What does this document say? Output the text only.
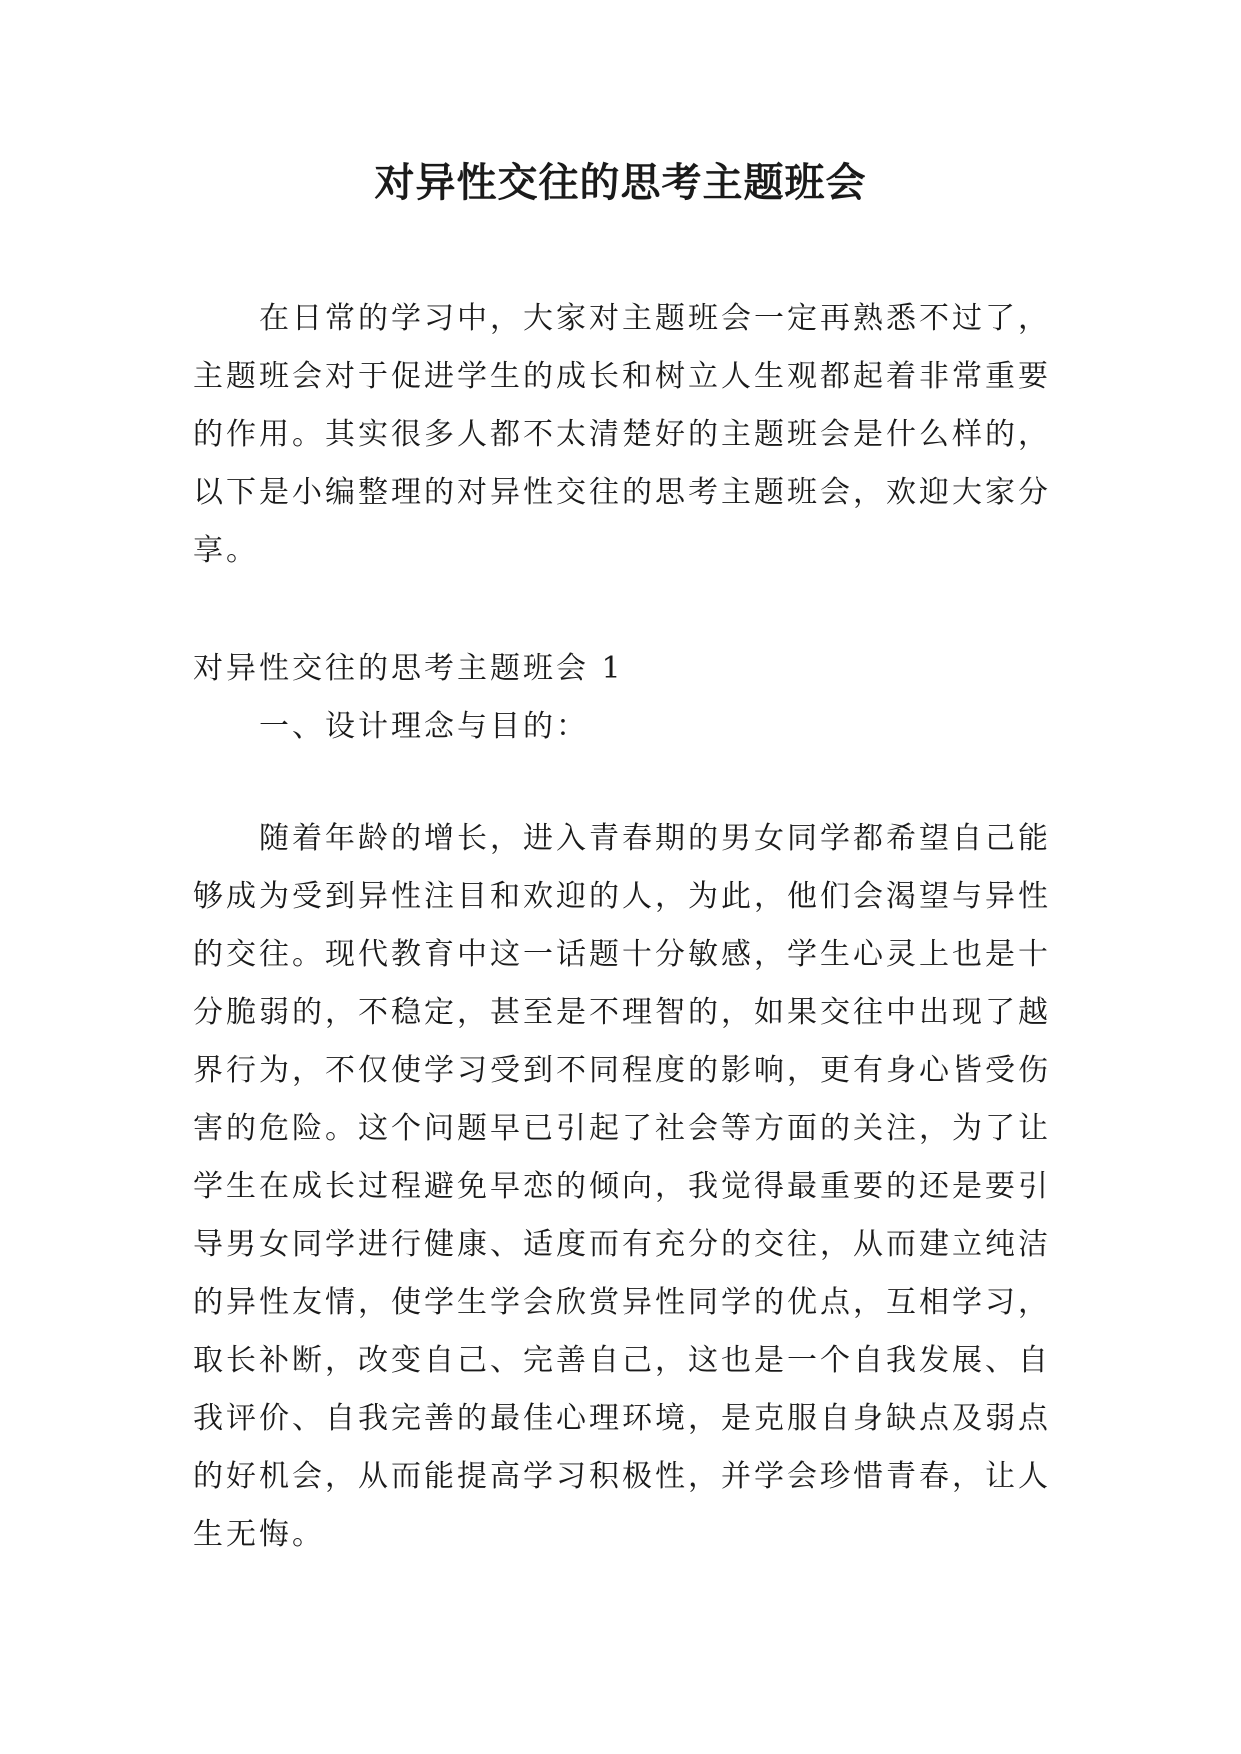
对异性交往的思考主题班会

在日常的学习中，大家对主题班会一定再熟悉不过了，主题班会对于促进学生的成长和树立人生观都起着非常重要的作用。其实很多人都不太清楚好的主题班会是什么样的，以下是小编整理的对异性交往的思考主题班会，欢迎大家分享。

对异性交往的思考主题班会 1

一、设计理念与目的：

随着年龄的增长，进入青春期的男女同学都希望自己能够成为受到异性注目和欢迎的人，为此，他们会渴望与异性的交往。现代教育中这一话题十分敏感，学生心灵上也是十分脆弱的，不稳定，甚至是不理智的，如果交往中出现了越界行为，不仅使学习受到不同程度的影响，更有身心皆受伤害的危险。这个问题早已引起了社会等方面的关注，为了让学生在成长过程避免早恋的倾向，我觉得最重要的还是要引导男女同学进行健康、适度而有充分的交往，从而建立纯洁的异性友情，使学生学会欣赏异性同学的优点，互相学习，取长补断，改变自己、完善自己，这也是一个自我发展、自我评价、自我完善的最佳心理环境，是克服自身缺点及弱点的好机会，从而能提高学习积极性，并学会珍惜青春，让人生无悔。
